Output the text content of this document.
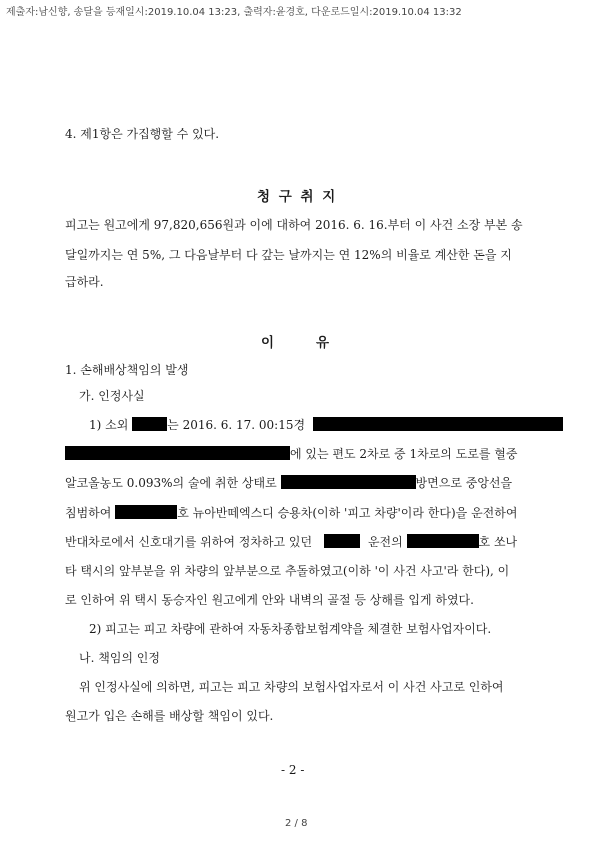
제출자:남신향, 송달을 등재일시:2019.10.04 13:23, 출력자:윤경호, 다운로드일시:2019.10.04 13:32
4. 제1항은 가집행할 수 있다.
청 구 취 지
피고는 원고에게 97,820,656원과 이에 대하여 2016. 6. 16.부터 이 사건 소장 부본 송
달일까지는 연 5%, 그 다음날부터 다 갚는 날까지는 연 12%의 비율로 계산한 돈을 지
급하라.
이	유
1. 손해배상책임의 발생
가. 인정사실
1) 소외	는 2016. 6. 17. 00:15경
에 있는 편도 2차로 중 1차로의 도로를 혈중
알코올농도 0.093%의 술에 취한 상태로	방면으로 중앙선을
침범하여	호 뉴아반떼엑스디 승용차(이하 '피고 차량'이라 한다)을 운전하여
반대차로에서 신호대기를 위하여 정차하고 있던	운전의	호 쏘나
타 택시의 앞부분을 위 차량의 앞부분으로 추돌하였고(이하 '이 사건 사고'라 한다), 이
로 인하여 위 택시 동승자인 원고에게 안와 내벽의 골절 등 상해를 입게 하였다.
2) 피고는 피고 차량에 관하여 자동차종합보험계약을 체결한 보험사업자이다.
나. 책임의 인정
위 인정사실에 의하면, 피고는 피고 차량의 보험사업자로서 이 사건 사고로 인하여
원고가 입은 손해를 배상할 책임이 있다.
- 2 -
2 / 8
